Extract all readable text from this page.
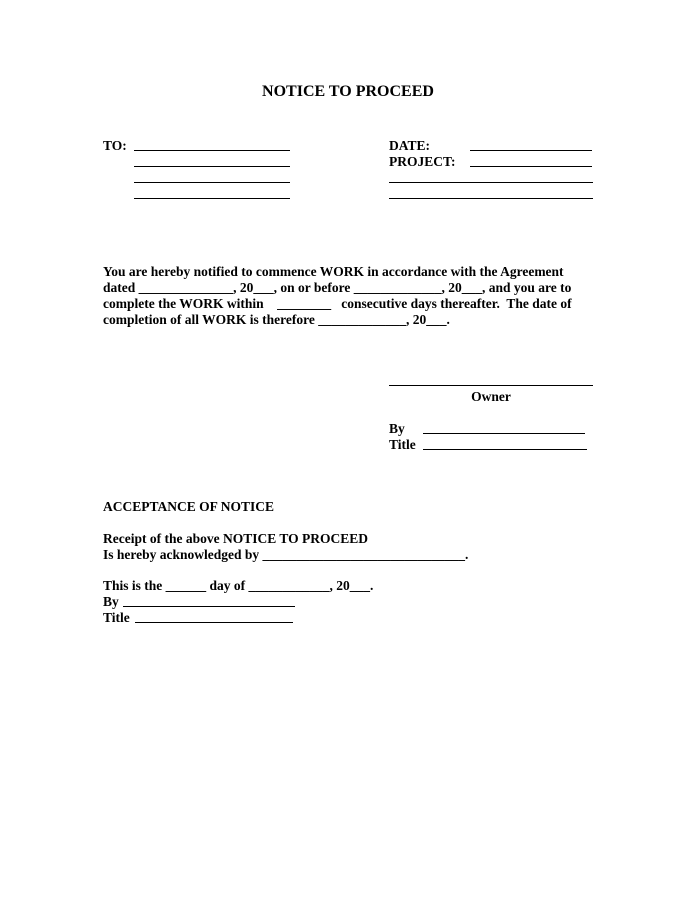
NOTICE TO PROCEED
TO:	DATE:
PROJECT:
You are hereby notified to commence WORK in accordance with the Agreement
dated ______________, 20___, on or before _____________, 20___, and you are to
complete the WORK within    ________   consecutive days thereafter.  The date of
completion of all WORK is therefore _____________, 20___.
Owner
By
Title
ACCEPTANCE OF NOTICE
Receipt of the above NOTICE TO PROCEED
Is hereby acknowledged by ______________________________.
This is the ______ day of ____________, 20___.
By
Title
